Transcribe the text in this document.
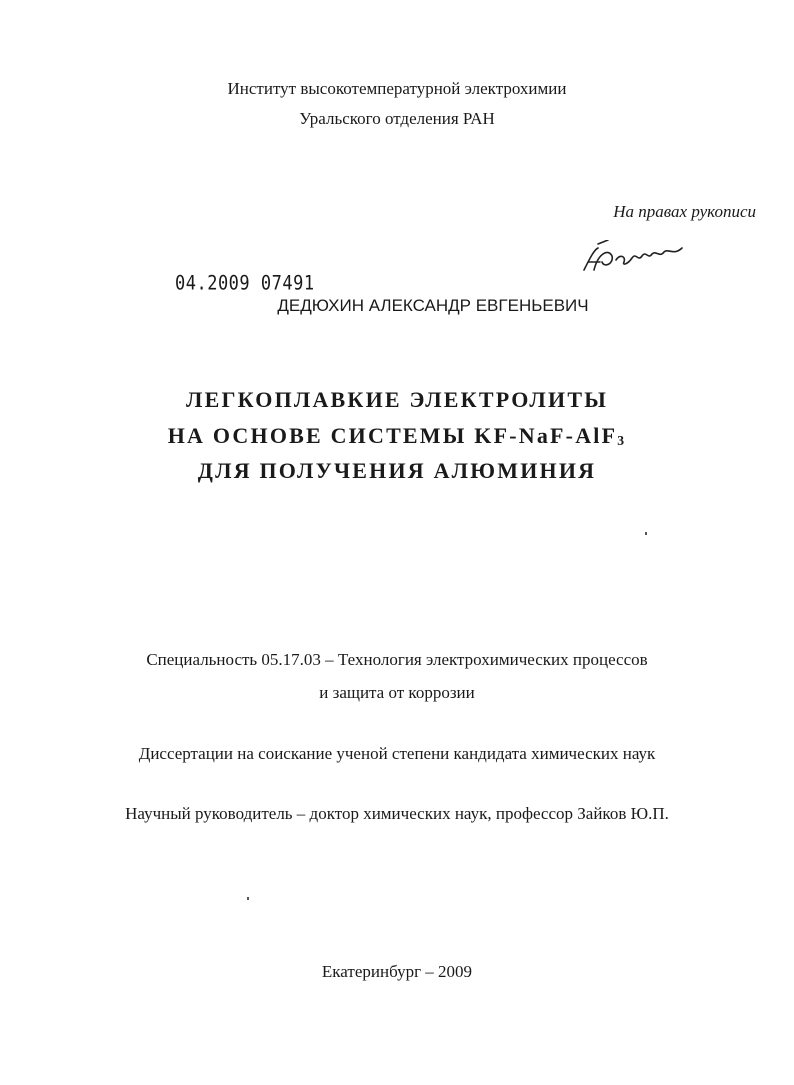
Институт высокотемпературной электрохимии
Уральского отделения РАН
На правах рукописи
04.2009 07491
ДЕДЮХИН АЛЕКСАНДР ЕВГЕНЬЕВИЧ
ЛЕГКОПЛАВКИЕ ЭЛЕКТРОЛИТЫ
НА ОСНОВЕ СИСТЕМЫ KF-NaF-AlF$_3$
ДЛЯ ПОЛУЧЕНИЯ АЛЮМИНИЯ
Специальность 05.17.03 – Технология электрохимических процессов
и защита от коррозии
Диссертации на соискание ученой степени кандидата химических наук
Научный руководитель – доктор химических наук, профессор Зайков Ю.П.
Екатеринбург – 2009
